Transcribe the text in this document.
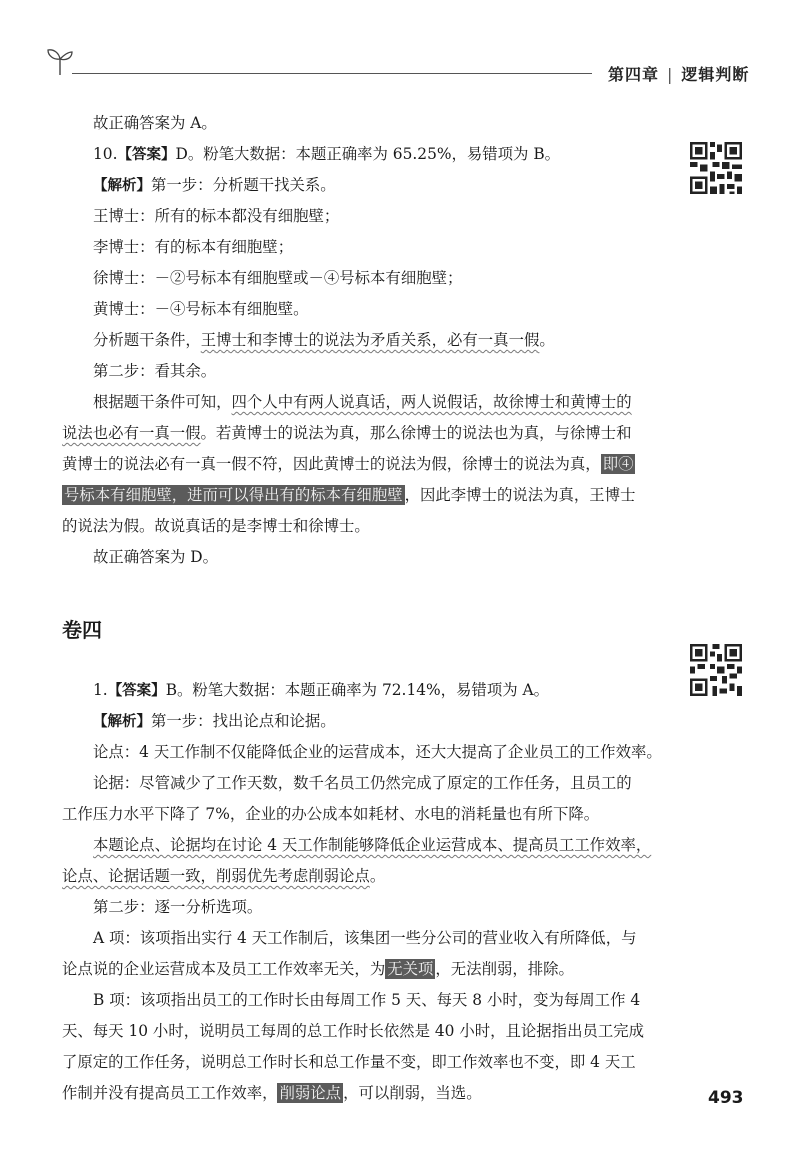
第四章 | 逻辑判断
故正确答案为 A。
10.【答案】D。粉笔大数据：本题正确率为 65.25%，易错项为 B。
【解析】第一步：分析题干找关系。
王博士：所有的标本都没有细胞壁；
李博士：有的标本有细胞壁；
徐博士：－②号标本有细胞壁或－④号标本有细胞壁；
黄博士：－④号标本有细胞壁。
分析题干条件，王博士和李博士的说法为矛盾关系，必有一真一假。
第二步：看其余。
根据题干条件可知，四个人中有两人说真话，两人说假话，故徐博士和黄博士的
说法也必有一真一假。若黄博士的说法为真，那么徐博士的说法也为真，与徐博士和
黄博士的说法必有一真一假不符，因此黄博士的说法为假，徐博士的说法为真， 即④
号标本有细胞壁，进而可以得出有的标本有细胞壁 ，因此李博士的说法为真，王博士
的说法为假。故说真话的是李博士和徐博士。
故正确答案为 D。
卷四
1.【答案】B。粉笔大数据：本题正确率为 72.14%，易错项为 A。
【解析】第一步：找出论点和论据。
论点：4 天工作制不仅能降低企业的运营成本，还大大提高了企业员工的工作效率。
论据：尽管减少了工作天数，数千名员工仍然完成了原定的工作任务，且员工的
工作压力水平下降了 7%，企业的办公成本如耗材、水电的消耗量也有所下降。
本题论点、论据均在讨论 4 天工作制能够降低企业运营成本、提高员工工作效率，
论点、论据话题一致，削弱优先考虑削弱论点。
第二步：逐一分析选项。
A 项：该项指出实行 4 天工作制后，该集团一些分公司的营业收入有所降低，与
论点说的企业运营成本及员工工作效率无关，为 无关项 ，无法削弱，排除。
B 项：该项指出员工的工作时长由每周工作 5 天、每天 8 小时，变为每周工作 4
天、每天 10 小时，说明员工每周的总工作时长依然是 40 小时，且论据指出员工完成
了原定的工作任务，说明总工作时长和总工作量不变，即工作效率也不变，即 4 天工
作制并没有提高员工工作效率， 削弱论点 ，可以削弱，当选。	493
